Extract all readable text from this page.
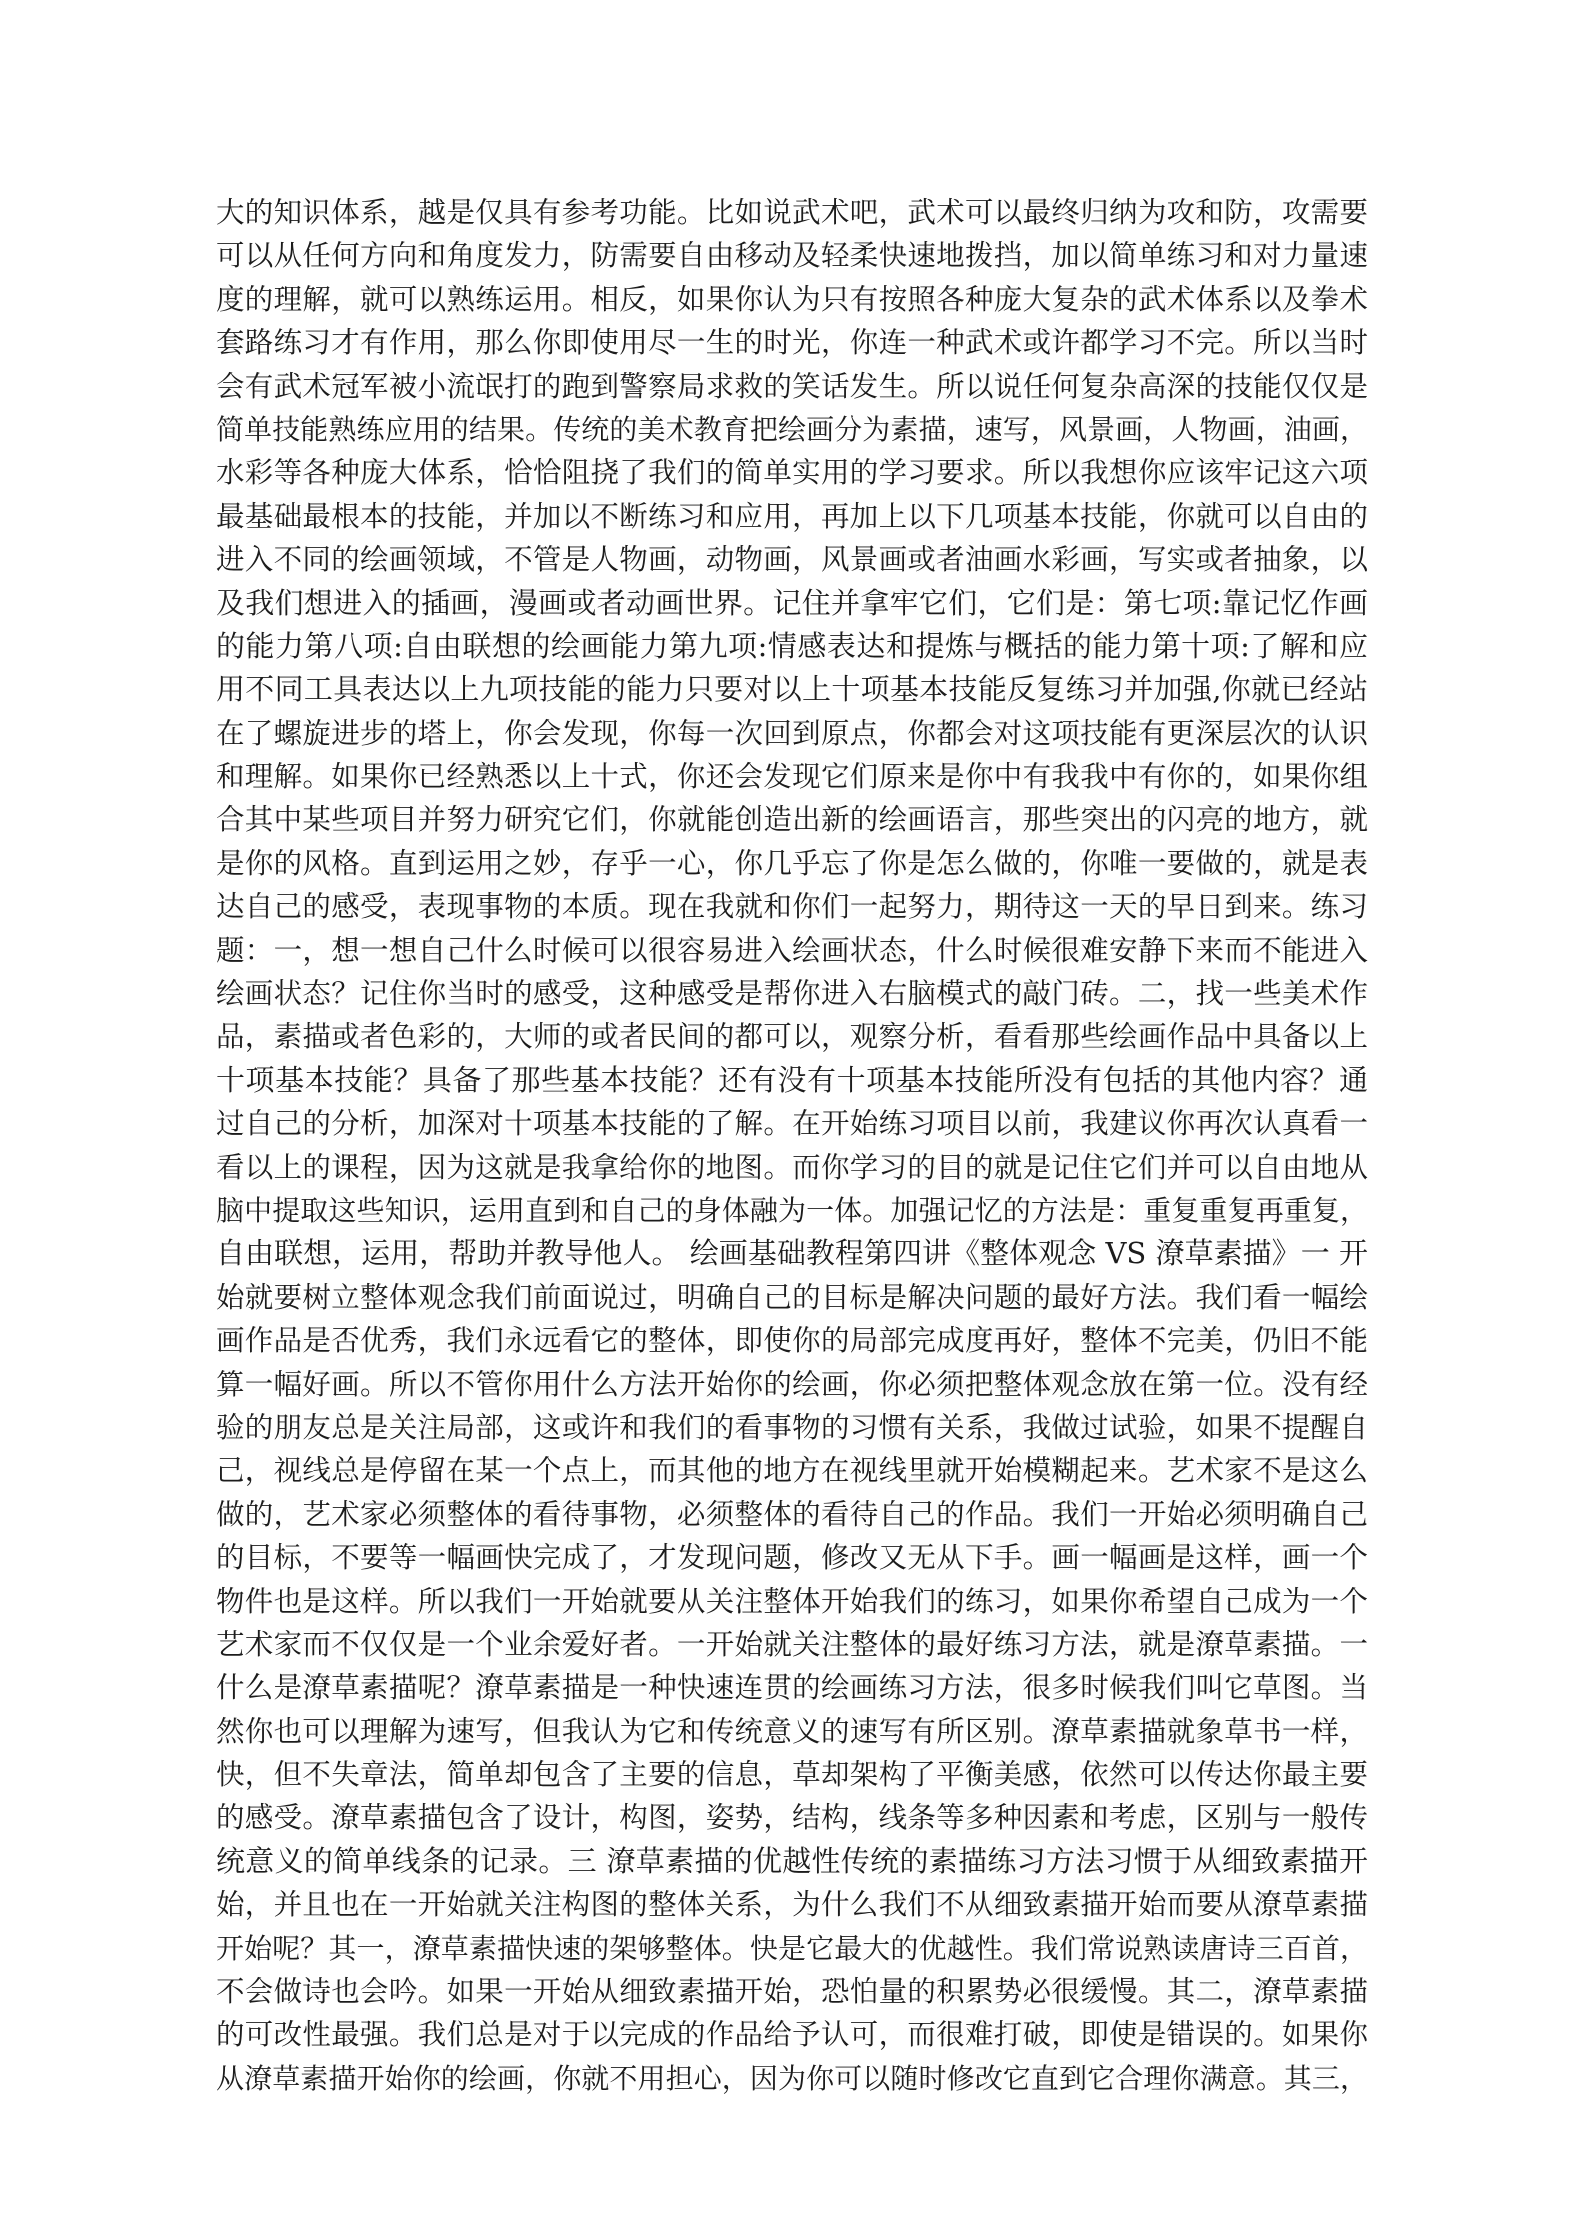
大的知识体系，越是仅具有参考功能。比如说武术吧，武术可以最终归纳为攻和防，攻需要
可以从任何方向和角度发力，防需要自由移动及轻柔快速地拨挡，加以简单练习和对力量速
度的理解，就可以熟练运用。相反，如果你认为只有按照各种庞大复杂的武术体系以及拳术
套路练习才有作用，那么你即使用尽一生的时光，你连一种武术或许都学习不完。所以当时
会有武术冠军被小流氓打的跑到警察局求救的笑话发生。所以说任何复杂高深的技能仅仅是
简单技能熟练应用的结果。传统的美术教育把绘画分为素描，速写，风景画，人物画，油画，
水彩等各种庞大体系，恰恰阻挠了我们的简单实用的学习要求。所以我想你应该牢记这六项
最基础最根本的技能，并加以不断练习和应用，再加上以下几项基本技能，你就可以自由的
进入不同的绘画领域，不管是人物画，动物画，风景画或者油画水彩画，写实或者抽象，以
及我们想进入的插画，漫画或者动画世界。记住并拿牢它们，它们是：第七项:靠记忆作画
的能力第八项:自由联想的绘画能力第九项:情感表达和提炼与概括的能力第十项:了解和应
用不同工具表达以上九项技能的能力只要对以上十项基本技能反复练习并加强,你就已经站
在了螺旋进步的塔上，你会发现，你每一次回到原点，你都会对这项技能有更深层次的认识
和理解。如果你已经熟悉以上十式，你还会发现它们原来是你中有我我中有你的，如果你组
合其中某些项目并努力研究它们，你就能创造出新的绘画语言，那些突出的闪亮的地方，就
是你的风格。直到运用之妙，存乎一心，你几乎忘了你是怎么做的，你唯一要做的，就是表
达自己的感受，表现事物的本质。现在我就和你们一起努力，期待这一天的早日到来。练习
题：一，想一想自己什么时候可以很容易进入绘画状态，什么时候很难安静下来而不能进入
绘画状态？记住你当时的感受，这种感受是帮你进入右脑模式的敲门砖。二，找一些美术作
品，素描或者色彩的，大师的或者民间的都可以，观察分析，看看那些绘画作品中具备以上
十项基本技能？具备了那些基本技能？还有没有十项基本技能所没有包括的其他内容？通
过自己的分析，加深对十项基本技能的了解。在开始练习项目以前，我建议你再次认真看一
看以上的课程，因为这就是我拿给你的地图。而你学习的目的就是记住它们并可以自由地从
脑中提取这些知识，运用直到和自己的身体融为一体。加强记忆的方法是：重复重复再重复，
自由联想，运用，帮助并教导他人。 绘画基础教程第四讲《整体观念 VS 潦草素描》一 开
始就要树立整体观念我们前面说过，明确自己的目标是解决问题的最好方法。我们看一幅绘
画作品是否优秀，我们永远看它的整体，即使你的局部完成度再好，整体不完美，仍旧不能
算一幅好画。所以不管你用什么方法开始你的绘画，你必须把整体观念放在第一位。没有经
验的朋友总是关注局部，这或许和我们的看事物的习惯有关系，我做过试验，如果不提醒自
己，视线总是停留在某一个点上，而其他的地方在视线里就开始模糊起来。艺术家不是这么
做的，艺术家必须整体的看待事物，必须整体的看待自己的作品。我们一开始必须明确自己
的目标，不要等一幅画快完成了，才发现问题，修改又无从下手。画一幅画是这样，画一个
物件也是这样。所以我们一开始就要从关注整体开始我们的练习，如果你希望自己成为一个
艺术家而不仅仅是一个业余爱好者。一开始就关注整体的最好练习方法，就是潦草素描。一
什么是潦草素描呢？潦草素描是一种快速连贯的绘画练习方法，很多时候我们叫它草图。当
然你也可以理解为速写，但我认为它和传统意义的速写有所区别。潦草素描就象草书一样，
快，但不失章法，简单却包含了主要的信息，草却架构了平衡美感，依然可以传达你最主要
的感受。潦草素描包含了设计，构图，姿势，结构，线条等多种因素和考虑，区别与一般传
统意义的简单线条的记录。三 潦草素描的优越性传统的素描练习方法习惯于从细致素描开
始，并且也在一开始就关注构图的整体关系，为什么我们不从细致素描开始而要从潦草素描
开始呢？其一，潦草素描快速的架够整体。快是它最大的优越性。我们常说熟读唐诗三百首，
不会做诗也会吟。如果一开始从细致素描开始，恐怕量的积累势必很缓慢。其二，潦草素描
的可改性最强。我们总是对于以完成的作品给予认可，而很难打破，即使是错误的。如果你
从潦草素描开始你的绘画，你就不用担心，因为你可以随时修改它直到它合理你满意。其三，
